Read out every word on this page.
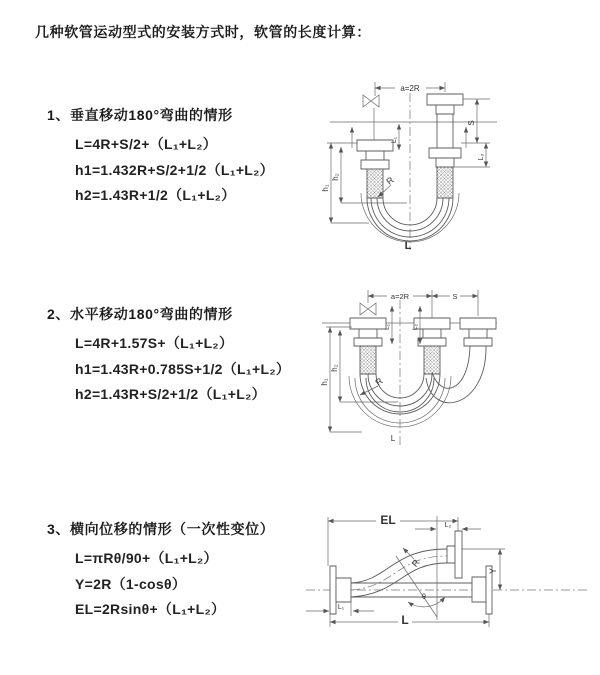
几种软管运动型式的安装方式时，软管的长度计算：
1、垂直移动180°弯曲的情形
L=4R+S/2+（L₁+L₂）
h1=1.432R+S/2+1/2（L₁+L₂）
h2=1.43R+1/2（L₁+L₂）
2、水平移动180°弯曲的情形
L=4R+1.57S+（L₁+L₂）
h1=1.43R+0.785S+1/2（L₁+L₂）
h2=1.43R+S/2+1/2（L₁+L₂）
3、横向位移的情形（一次性变位）
L=πRθ/90+（L₁+L₂）
Y=2R（1-cosθ）
EL=2Rsinθ+（L₁+L₂）
a=2R
L₁
S
L₂
h₁
h₂	R
L
a=2R	S
L₁	L₂
h₁
h₂
R
L
θ
R
EL	L₂
Y
L₁
L
